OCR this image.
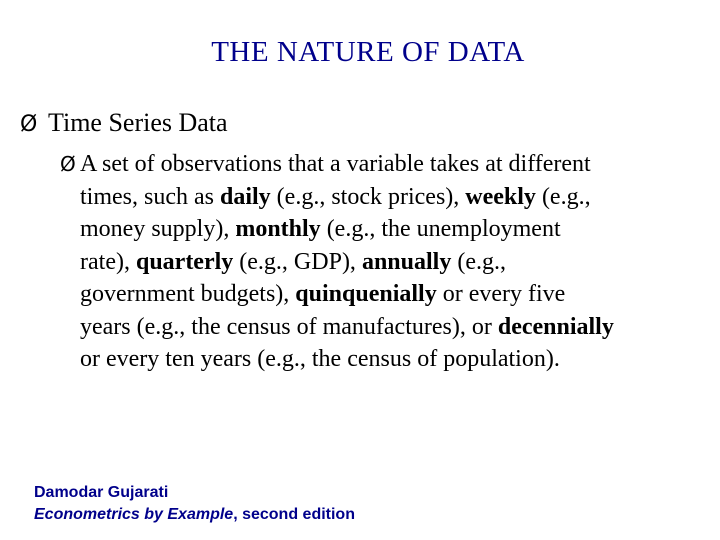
THE NATURE OF DATA
Ø Time Series Data
Ø A set of observations that a variable takes at different
times, such as daily (e.g., stock prices), weekly (e.g.,
money supply), monthly (e.g., the unemployment
rate), quarterly (e.g., GDP), annually (e.g.,
government budgets), quinquenially or every five
years (e.g., the census of manufactures), or decennially
or every ten years (e.g., the census of population).
Damodar Gujarati
Econometrics by Example, second edition
